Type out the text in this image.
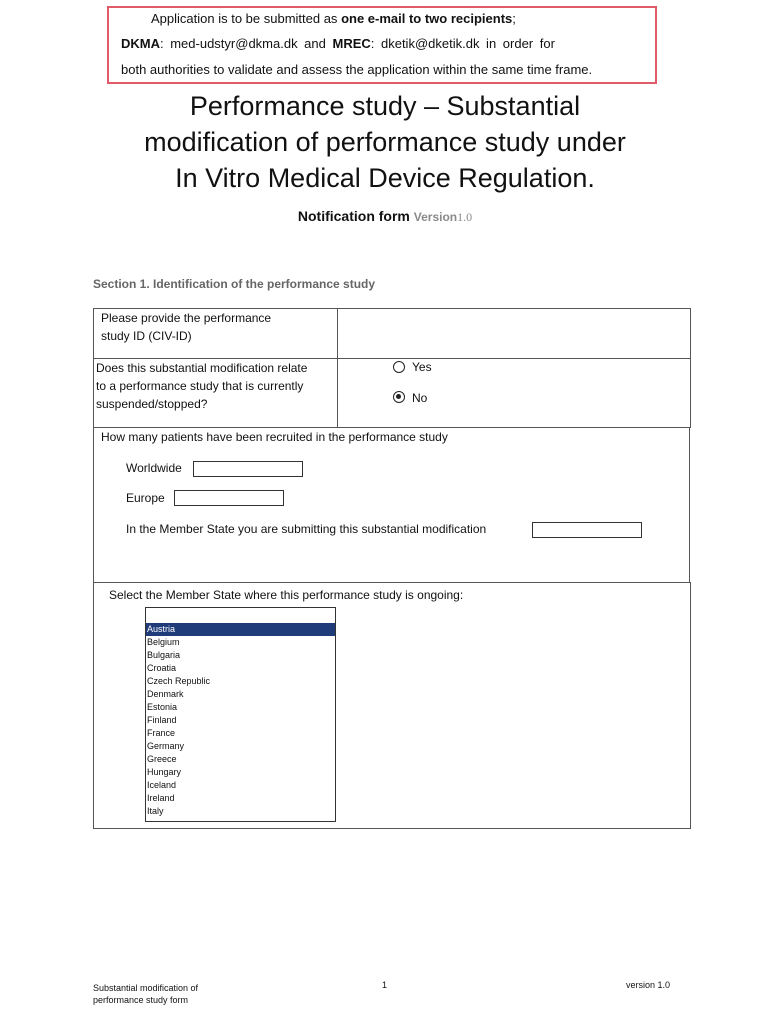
Application is to be submitted as one e-mail to two recipients;
DKMA: med-udstyr@dkma.dk and MREC: dketik@dketik.dk in order for
both authorities to validate and assess the application within the same time frame.
Performance study – Substantial
modification of performance study under
In Vitro Medical Device Regulation.
Notification form Version1.0
Section 1. Identification of the performance study
Please provide the performance
study ID (CIV-ID)
Does this substantial modification relate
to a performance study that is currently
suspended/stopped?
Yes
No
How many patients have been recruited in the performance study
Worldwide
Europe
In the Member State you are submitting this substantial modification
Select the Member State where this performance study is ongoing:
Austria
Belgium
Bulgaria
Croatia
Czech Republic
Denmark
Estonia
Finland
France
Germany
Greece
Hungary
Iceland
Ireland
Italy
Substantial modification of
performance study form
1	version 1.0
